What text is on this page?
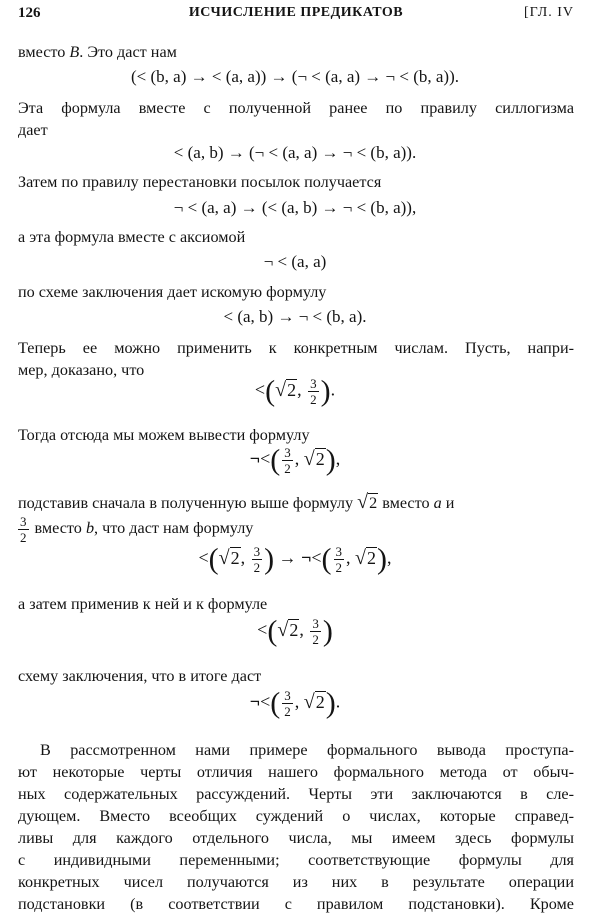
126	ИСЧИСЛЕНИЕ ПРЕДИКАТОВ	[ГЛ. IV
вместо B. Это даст нам
(< (b, a) → < (a, a)) → (¬ < (a, a) → ¬ < (b, a)).
Эта формула вместе с полученной ранее по правилу силлогизма
дает
< (a, b) → (¬ < (a, a) → ¬ < (b, a)).
Затем по правилу перестановки посылок получается
¬ < (a, a) → (< (a, b) → ¬ < (b, a)),
а эта формула вместе с аксиомой
¬ < (a, a)
по схеме заключения дает искомую формулу
< (a, b) → ¬ < (b, a).
Теперь ее можно применить к конкретным числам. Пусть, напри-
мер, доказано, что
<(√2, $\frac{3}{2}$ ).
Тогда отсюда мы можем вывести формулу
¬<( $\frac{3}{2}$ , √2),
подставив сначала в полученную выше формулу √2 вместо a и
$\frac{3}{2}$ вместо b, что даст нам формулу
<(√2, $\frac{3}{2}$ ) → ¬<( $\frac{3}{2}$ , √2),
а затем применив к ней и к формуле
<(√2, $\frac{3}{2}$ )
схему заключения, что в итоге даст
¬<( $\frac{3}{2}$ , √2).
В рассмотренном нами примере формального вывода проступа-
ют некоторые черты отличия нашего формального метода от обыч-
ных содержательных рассуждений. Черты эти заключаются в сле-
дующем. Вместо всеобщих суждений о числах, которые справед-
ливы для каждого отдельного числа, мы имеем здесь формулы
с индивидными переменными; соответствующие формулы для
конкретных чисел получаются из них в результате операции
подстановки (в соответствии с правилом подстановки). Кроме
